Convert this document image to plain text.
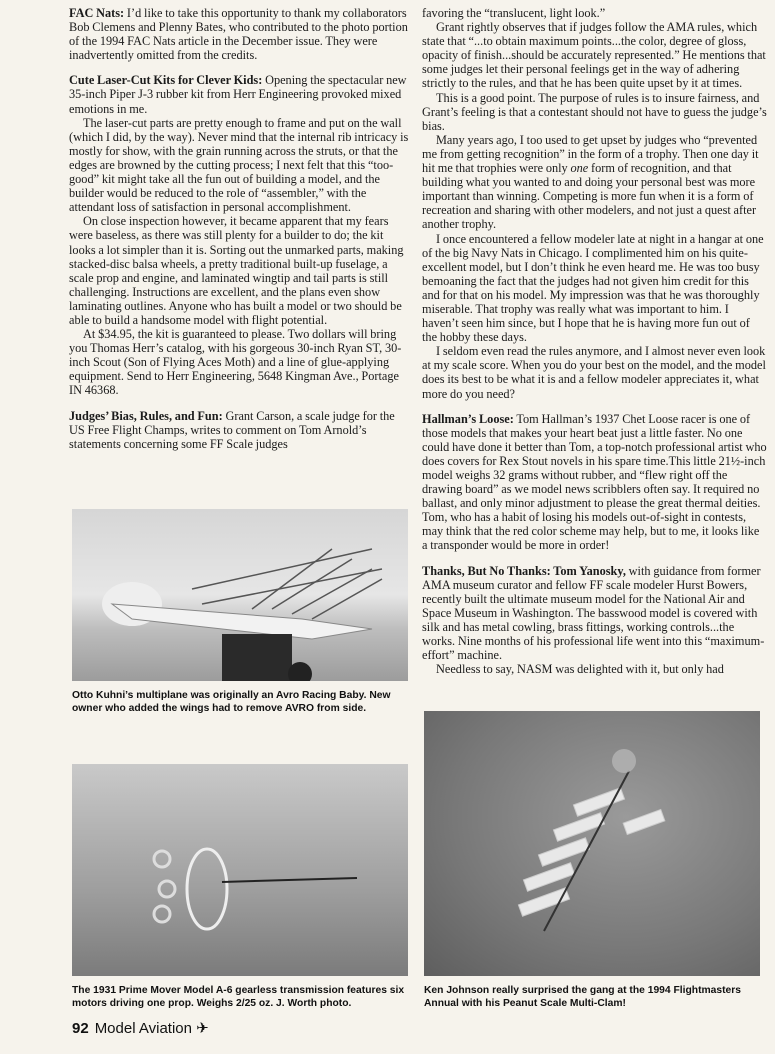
FAC Nats: I’d like to take this opportunity to thank my collaborators Bob Clemens and Plenny Bates, who contributed to the photo portion of the 1994 FAC Nats article in the December issue. They were inadvertently omitted from the credits.

Cute Laser-Cut Kits for Clever Kids: Opening the spectacular new 35-inch Piper J-3 rubber kit from Herr Engineering provoked mixed emotions in me.

The laser-cut parts are pretty enough to frame and put on the wall (which I did, by the way). Never mind that the internal rib intricacy is mostly for show, with the grain running across the struts, or that the edges are browned by the cutting process; I next felt that this “too-good” kit might take all the fun out of building a model, and the builder would be reduced to the role of “assembler,” with the attendant loss of satisfaction in personal accomplishment.

On close inspection however, it became apparent that my fears were baseless, as there was still plenty for a builder to do; the kit looks a lot simpler than it is. Sorting out the unmarked parts, making stacked-disc balsa wheels, a pretty traditional built-up fuselage, a scale prop and engine, and laminated wingtip and tail parts is still challenging. Instructions are excellent, and the plans even show laminating outlines. Anyone who has built a model or two should be able to build a handsome model with flight potential.

At $34.95, the kit is guaranteed to please. Two dollars will bring you Thomas Herr’s catalog, with his gorgeous 30-inch Ryan ST, 30-inch Scout (Son of Flying Aces Moth) and a line of glue-applying equipment. Send to Herr Engineering, 5648 Kingman Ave., Portage IN 46368.

Judges’ Bias, Rules, and Fun: Grant Carson, a scale judge for the US Free Flight Champs, writes to comment on Tom Arnold’s statements concerning some FF Scale judges

favoring the “translucent, light look.”

Grant rightly observes that if judges follow the AMA rules, which state that “...to obtain maximum points...the color, degree of gloss, opacity of finish...should be accurately represented.” He mentions that some judges let their personal feelings get in the way of adhering strictly to the rules, and that he has been quite upset by it at times.

This is a good point. The purpose of rules is to insure fairness, and Grant’s feeling is that a contestant should not have to guess the judge’s bias.

Many years ago, I too used to get upset by judges who “prevented me from getting recognition” in the form of a trophy. Then one day it hit me that trophies were only one form of recognition, and that building what you wanted to and doing your personal best was more important than winning. Competing is more fun when it is a form of recreation and sharing with other modelers, and not just a quest after another trophy.

I once encountered a fellow modeler late at night in a hangar at one of the big Navy Nats in Chicago. I complimented him on his quite-excellent model, but I don’t think he even heard me. He was too busy bemoaning the fact that the judges had not given him credit for this and for that on his model. My impression was that he was thoroughly miserable. That trophy was really what was important to him. I haven’t seen him since, but I hope that he is having more fun out of the hobby these days.

I seldom even read the rules anymore, and I almost never even look at my scale score. When you do your best on the model, and the model does its best to be what it is and a fellow modeler appreciates it, what more do you need?

Hallman’s Loose: Tom Hallman’s 1937 Chet Loose racer is one of those models that makes your heart beat just a little faster. No one could have done it better than Tom, a top-notch professional artist who does covers for Rex Stout novels in his spare time.This little 21½-inch model weighs 32 grams without rubber, and “flew right off the drawing board” as we model news scribblers often say. It required no ballast, and only minor adjustment to please the great thermal deities. Tom, who has a habit of losing his models out-of-sight in contests, may think that the red color scheme may help, but to me, it looks like a transponder would be more in order!

Thanks, But No Thanks: Tom Yanosky, with guidance from former AMA museum curator and fellow FF scale modeler Hurst Bowers, recently built the ultimate museum model for the National Air and Space Museum in Washington. The basswood model is covered with silk and has metal cowling, brass fittings, working controls...the works. Nine months of his professional life went into this “maximum-effort” machine.

Needless to say, NASM was delighted with it, but only had

Otto Kuhni’s multiplane was originally an Avro Racing Baby. New owner who added the wings had to remove AVRO from side.
The 1931 Prime Mover Model A-6 gearless transmission features six motors driving one prop. Weighs 2/25 oz. J. Worth photo.
Ken Johnson really surprised the gang at the 1994 Flightmasters Annual with his Peanut Scale Multi-Clam!
92 Model Aviation ✈
